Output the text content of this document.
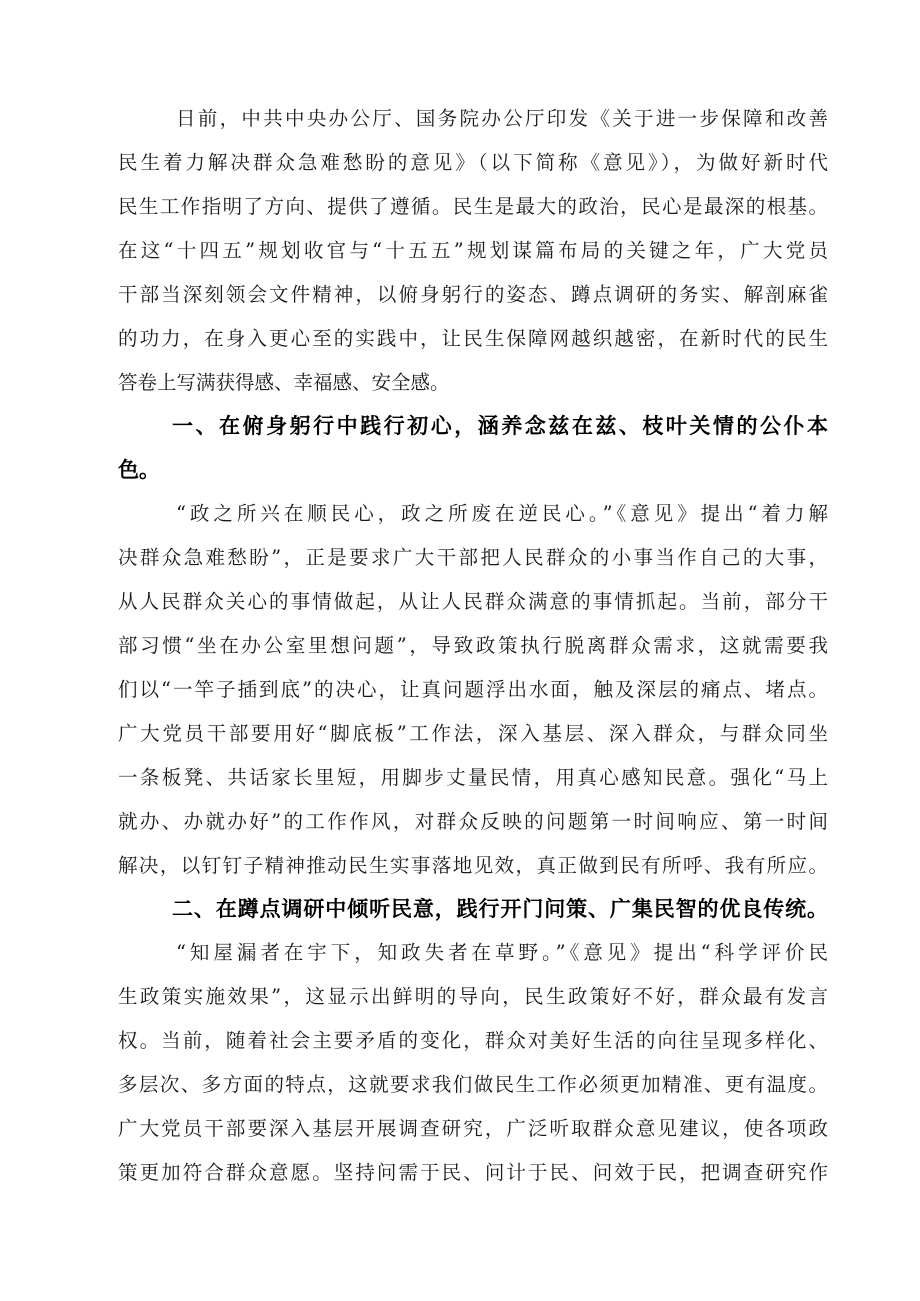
日前，中共中央办公厅、国务院办公厅印发《关于进一步保障和改善
民生着力解决群众急难愁盼的意见》（以下简称《意见》），为做好新时代
民生工作指明了方向、提供了遵循。民生是最大的政治，民心是最深的根基。
在这“十四五”规划收官与“十五五”规划谋篇布局的关键之年，广大党员
干部当深刻领会文件精神，以俯身躬行的姿态、蹲点调研的务实、解剖麻雀
的功力，在身入更心至的实践中，让民生保障网越织越密，在新时代的民生
答卷上写满获得感、幸福感、安全感。
一、在俯身躬行中践行初心，涵养念兹在兹、枝叶关情的公仆本
色。
“政之所兴在顺民心，政之所废在逆民心。”《意见》提出“着力解
决群众急难愁盼”，正是要求广大干部把人民群众的小事当作自己的大事，
从人民群众关心的事情做起，从让人民群众满意的事情抓起。当前，部分干
部习惯“坐在办公室里想问题”，导致政策执行脱离群众需求，这就需要我
们以“一竿子插到底”的决心，让真问题浮出水面，触及深层的痛点、堵点。
广大党员干部要用好“脚底板”工作法，深入基层、深入群众，与群众同坐
一条板凳、共话家长里短，用脚步丈量民情，用真心感知民意。强化“马上
就办、办就办好”的工作作风，对群众反映的问题第一时间响应、第一时间
解决，以钉钉子精神推动民生实事落地见效，真正做到民有所呼、我有所应。
二、在蹲点调研中倾听民意，践行开门问策、广集民智的优良传统。
“知屋漏者在宇下，知政失者在草野。”《意见》提出“科学评价民
生政策实施效果”，这显示出鲜明的导向，民生政策好不好，群众最有发言
权。当前，随着社会主要矛盾的变化，群众对美好生活的向往呈现多样化、
多层次、多方面的特点，这就要求我们做民生工作必须更加精准、更有温度。
广大党员干部要深入基层开展调查研究，广泛听取群众意见建议，使各项政
策更加符合群众意愿。坚持问需于民、问计于民、问效于民，把调查研究作
